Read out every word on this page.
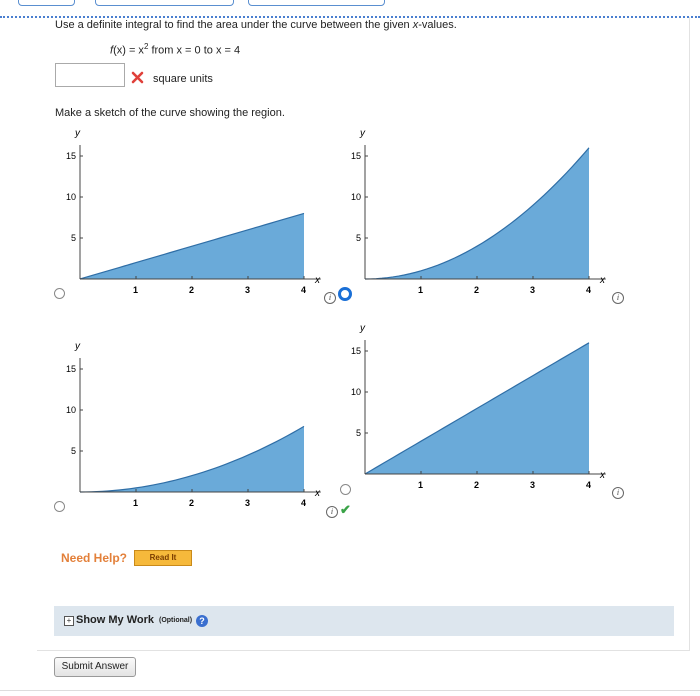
Use a definite integral to find the area under the curve between the given x-values.
$f(x) = x^2$ from x = 0 to x = 4
square units
Make a sketch of the curve showing the region.
x
y
1	2	3	4
5
10
15
x
y
1	2	3	4
5
10
15
x
y
1	2	3	4
5
10
15
x
y
1	2	3	4
5
10
15
i	i
i ✔
i
Need Help?	Read It
+ Show My Work (Optional) ?
Submit Answer
